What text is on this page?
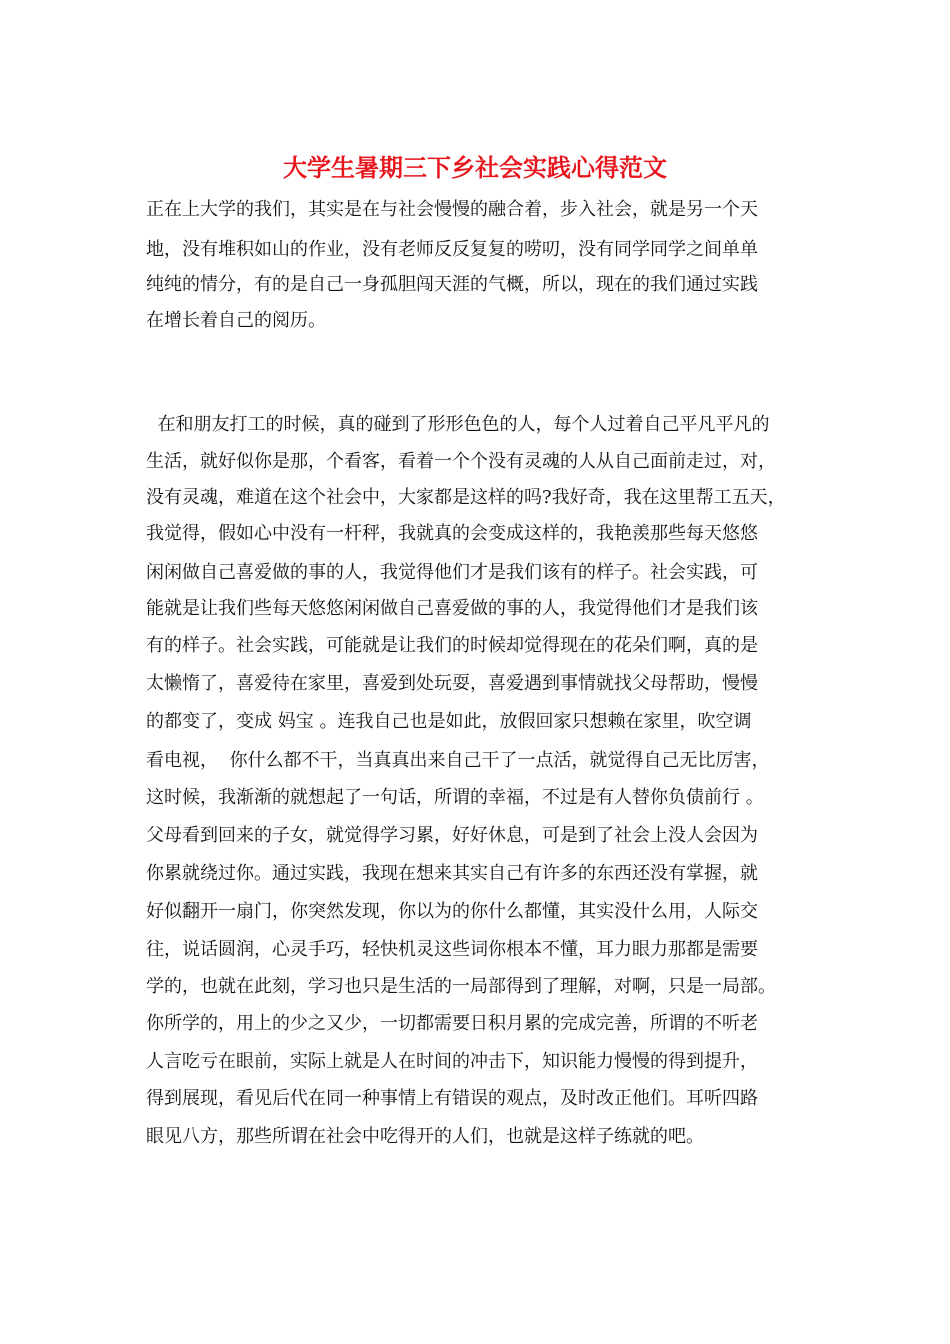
大学生暑期三下乡社会实践心得范文

正在上大学的我们，其实是在与社会慢慢的融合着，步入社会，就是另一个天

地，没有堆积如山的作业，没有老师反反复复的唠叨，没有同学同学之间单单

纯纯的情分，有的是自己一身孤胆闯天涯的气概，所以，现在的我们通过实践

在增长着自己的阅历。

在和朋友打工的时候，真的碰到了形形色色的人，每个人过着自己平凡平凡的

生活，就好似你是那，个看客，看着一个个没有灵魂的人从自己面前走过，对，

没有灵魂，难道在这个社会中，大家都是这样的吗?我好奇，我在这里帮工五天，

我觉得，假如心中没有一杆秤，我就真的会变成这样的，我艳羡那些每天悠悠

闲闲做自己喜爱做的事的人，我觉得他们才是我们该有的样子。社会实践，可

能就是让我们些每天悠悠闲闲做自己喜爱做的事的人，我觉得他们才是我们该

有的样子。社会实践，可能就是让我们的时候却觉得现在的花朵们啊，真的是

太懒惰了，喜爱待在家里，喜爱到处玩耍，喜爱遇到事情就找父母帮助，慢慢

的都变了，变成 妈宝 。连我自己也是如此，放假回家只想赖在家里，吹空调

看电视，  你什么都不干，当真真出来自己干了一点活，就觉得自己无比厉害，

这时候，我渐渐的就想起了一句话，所谓的幸福，不过是有人替你负债前行 。

父母看到回来的子女，就觉得学习累，好好休息，可是到了社会上没人会因为

你累就绕过你。通过实践，我现在想来其实自己有许多的东西还没有掌握，就

好似翻开一扇门，你突然发现，你以为的你什么都懂，其实没什么用，人际交

往，说话圆润，心灵手巧，轻快机灵这些词你根本不懂，耳力眼力那都是需要

学的，也就在此刻，学习也只是生活的一局部得到了理解，对啊，只是一局部。

你所学的，用上的少之又少，一切都需要日积月累的完成完善，所谓的不听老

人言吃亏在眼前，实际上就是人在时间的冲击下，知识能力慢慢的得到提升，

得到展现，看见后代在同一种事情上有错误的观点，及时改正他们。耳听四路

眼见八方，那些所谓在社会中吃得开的人们，也就是这样子练就的吧。
